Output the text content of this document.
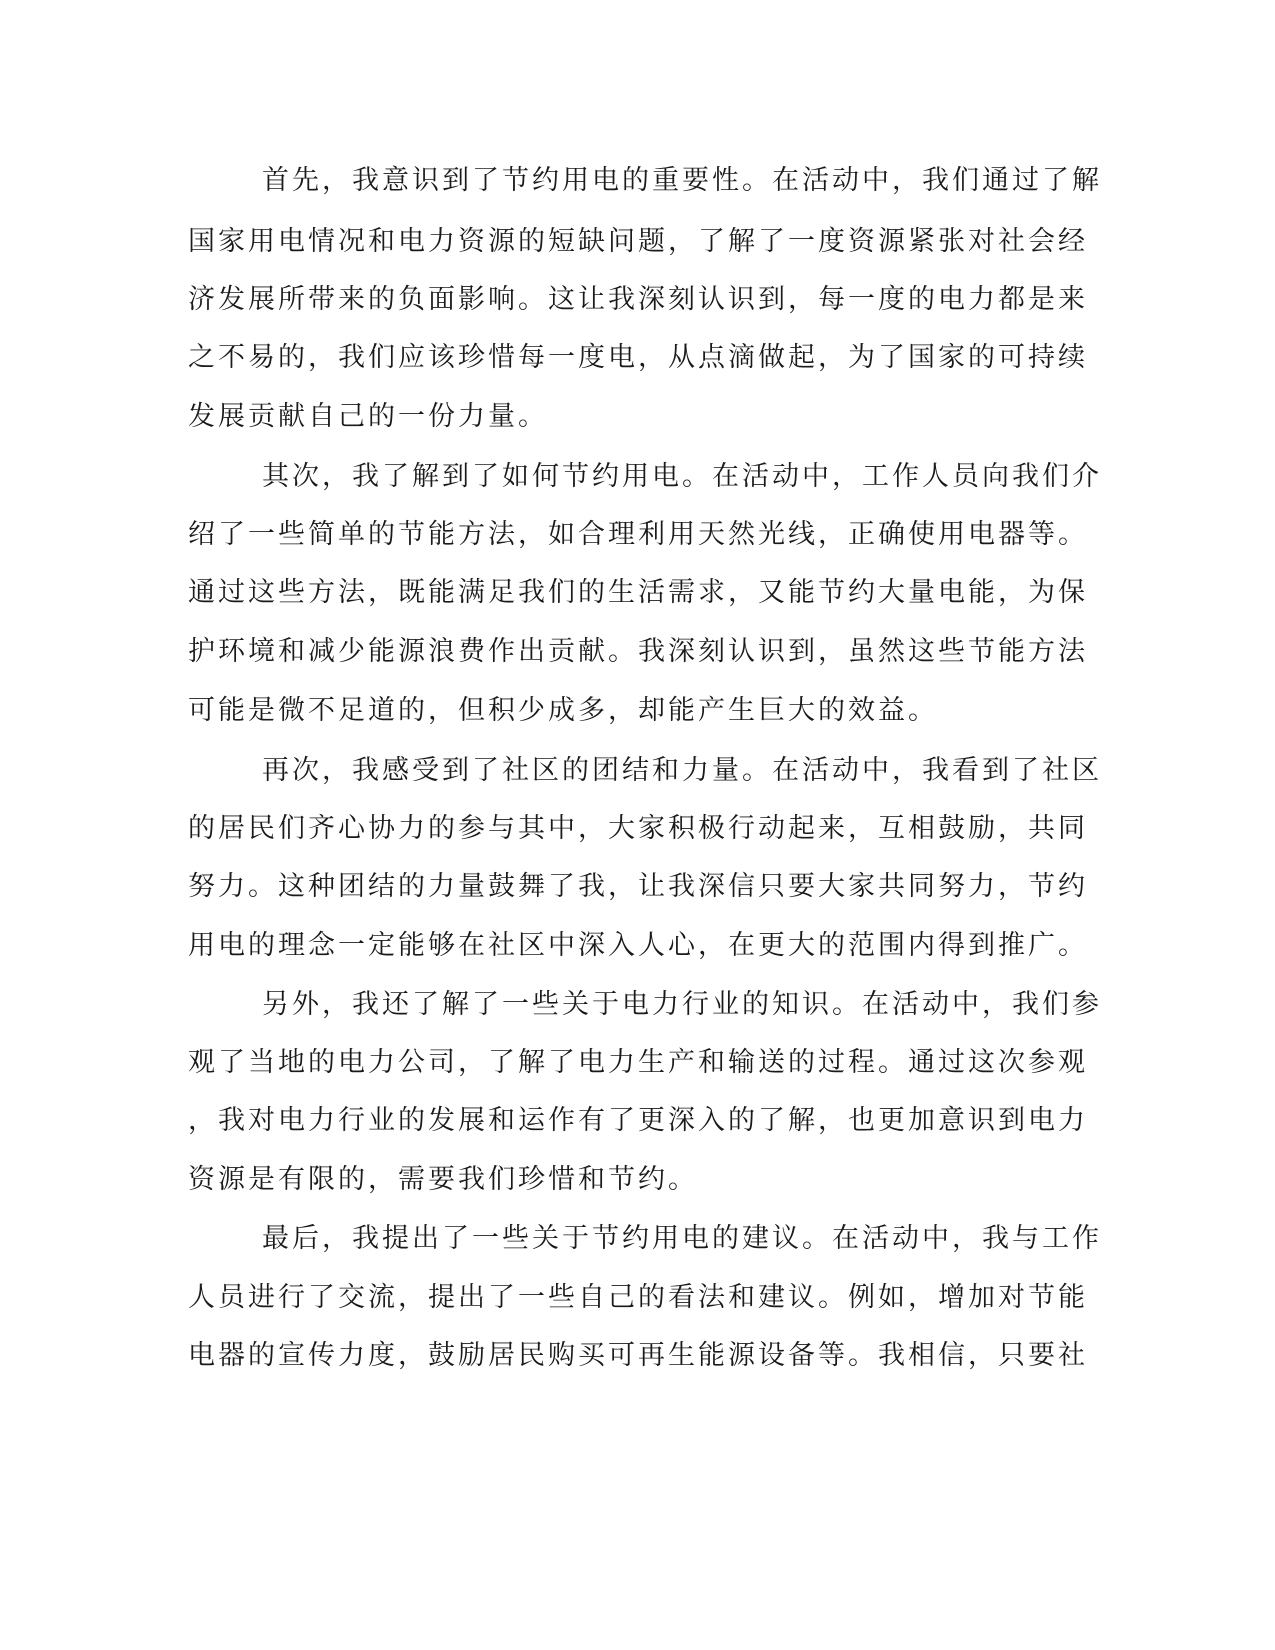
首先，我意识到了节约用电的重要性。在活动中，我们通过了解

国家用电情况和电力资源的短缺问题，了解了一度资源紧张对社会经

济发展所带来的负面影响。这让我深刻认识到，每一度的电力都是来

之不易的，我们应该珍惜每一度电，从点滴做起，为了国家的可持续

发展贡献自己的一份力量。

其次，我了解到了如何节约用电。在活动中，工作人员向我们介

绍了一些简单的节能方法，如合理利用天然光线，正确使用电器等。

通过这些方法，既能满足我们的生活需求，又能节约大量电能，为保

护环境和减少能源浪费作出贡献。我深刻认识到，虽然这些节能方法

可能是微不足道的，但积少成多，却能产生巨大的效益。

再次，我感受到了社区的团结和力量。在活动中，我看到了社区

的居民们齐心协力的参与其中，大家积极行动起来，互相鼓励，共同

努力。这种团结的力量鼓舞了我，让我深信只要大家共同努力，节约

用电的理念一定能够在社区中深入人心，在更大的范围内得到推广。

另外，我还了解了一些关于电力行业的知识。在活动中，我们参

观了当地的电力公司，了解了电力生产和输送的过程。通过这次参观

，我对电力行业的发展和运作有了更深入的了解，也更加意识到电力

资源是有限的，需要我们珍惜和节约。

最后，我提出了一些关于节约用电的建议。在活动中，我与工作

人员进行了交流，提出了一些自己的看法和建议。例如，增加对节能

电器的宣传力度，鼓励居民购买可再生能源设备等。我相信，只要社
